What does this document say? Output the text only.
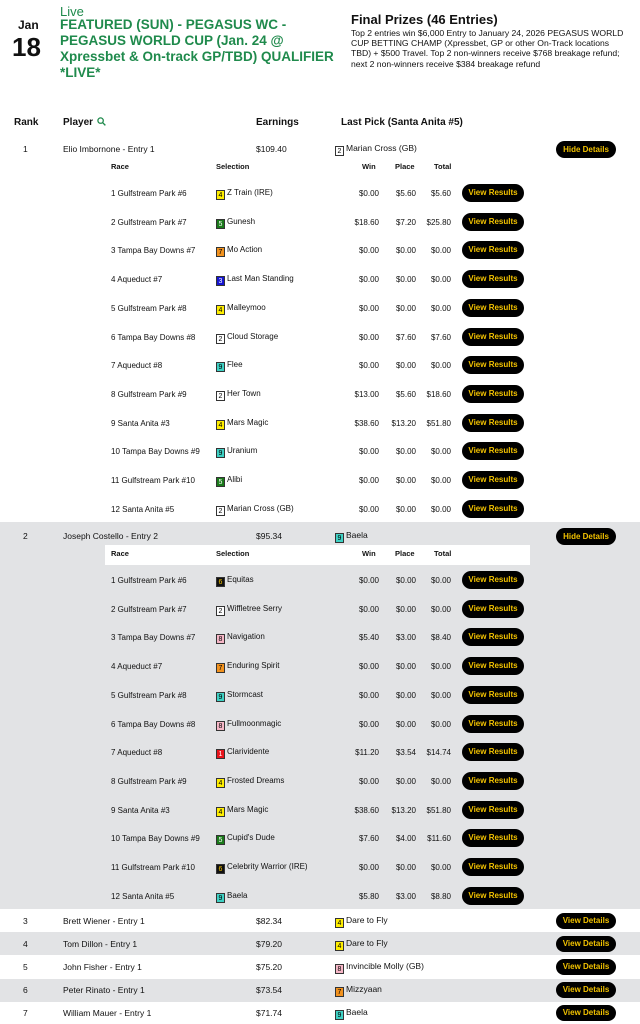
Jan
18
Live
FEATURED (SUN) - PEGASUS WC - PEGASUS WORLD CUP (Jan. 24 @ Xpressbet & On-track GP/TBD) QUALIFIER *LIVE*
Final Prizes (46 Entries)
Top 2 entries win $6,000 Entry to January 24, 2026 PEGASUS WORLD CUP BETTING CHAMP (Xpressbet, GP or other On-Track locations TBD) + $500 Travel. Top 2 non-winners receive $768 breakage refund; next 2 non-winners receive $384 breakage refund
Rank Player	Earnings	Last Pick (Santa Anita #5)
1	Elio Imbornone - Entry 1	$109.40	2 Marian Cross (GB)	Hide Details
Race	Selection	Win	Place	Total
1 Gulfstream Park #6	4 Z Train (IRE)	$0.00 $5.60 $5.60	View Results
2 Gulfstream Park #7	5 Gunesh	$18.60 $7.20 $25.80	View Results
3 Tampa Bay Downs #7	7 Mo Action	$0.00 $0.00 $0.00	View Results
4 Aqueduct #7	3 Last Man Standing	$0.00 $0.00 $0.00	View Results
5 Gulfstream Park #8	4 Malleymoo	$0.00 $0.00 $0.00	View Results
6 Tampa Bay Downs #8	2 Cloud Storage	$0.00 $7.60 $7.60	View Results
7 Aqueduct #8	9 Flee	$0.00 $0.00 $0.00	View Results
8 Gulfstream Park #9	2 Her Town	$13.00 $5.60 $18.60	View Results
9 Santa Anita #3	4 Mars Magic	$38.60 $13.20 $51.80	View Results
10 Tampa Bay Downs #9	9 Uranium	$0.00 $0.00 $0.00	View Results
11 Gulfstream Park #10	5 Alibi	$0.00 $0.00 $0.00	View Results
12 Santa Anita #5	2 Marian Cross (GB)	$0.00 $0.00 $0.00	View Results
2	Joseph Costello - Entry 2	$95.34	9 Baela	Hide Details
Race	Selection	Win	Place	Total
1 Gulfstream Park #6	6 Equitas	$0.00 $0.00 $0.00	View Results
2 Gulfstream Park #7	2 Wiffletree Serry	$0.00 $0.00 $0.00	View Results
3 Tampa Bay Downs #7	8 Navigation	$5.40 $3.00 $8.40	View Results
4 Aqueduct #7	7 Enduring Spirit	$0.00 $0.00 $0.00	View Results
5 Gulfstream Park #8	9 Stormcast	$0.00 $0.00 $0.00	View Results
6 Tampa Bay Downs #8	8 Fullmoonmagic	$0.00 $0.00 $0.00	View Results
7 Aqueduct #8	1 Clarividente	$11.20 $3.54 $14.74	View Results
8 Gulfstream Park #9	4 Frosted Dreams	$0.00 $0.00 $0.00	View Results
9 Santa Anita #3	4 Mars Magic	$38.60 $13.20 $51.80	View Results
10 Tampa Bay Downs #9	5 Cupid's Dude	$7.60 $4.00 $11.60	View Results
11 Gulfstream Park #10	6 Celebrity Warrior (IRE)	$0.00 $0.00 $0.00	View Results
12 Santa Anita #5	9 Baela	$5.80 $3.00 $8.80	View Results
3	Brett Wiener - Entry 1	$82.34	4 Dare to Fly	View Details
4	Tom Dillon - Entry 1	$79.20	4 Dare to Fly	View Details
5	John Fisher - Entry 1	$75.20	8 Invincible Molly (GB)	View Details
6	Peter Rinato - Entry 1	$73.54	7 Mizzyaan	View Details
7	William Mauer - Entry 1	$71.74	9 Baela	View Details
